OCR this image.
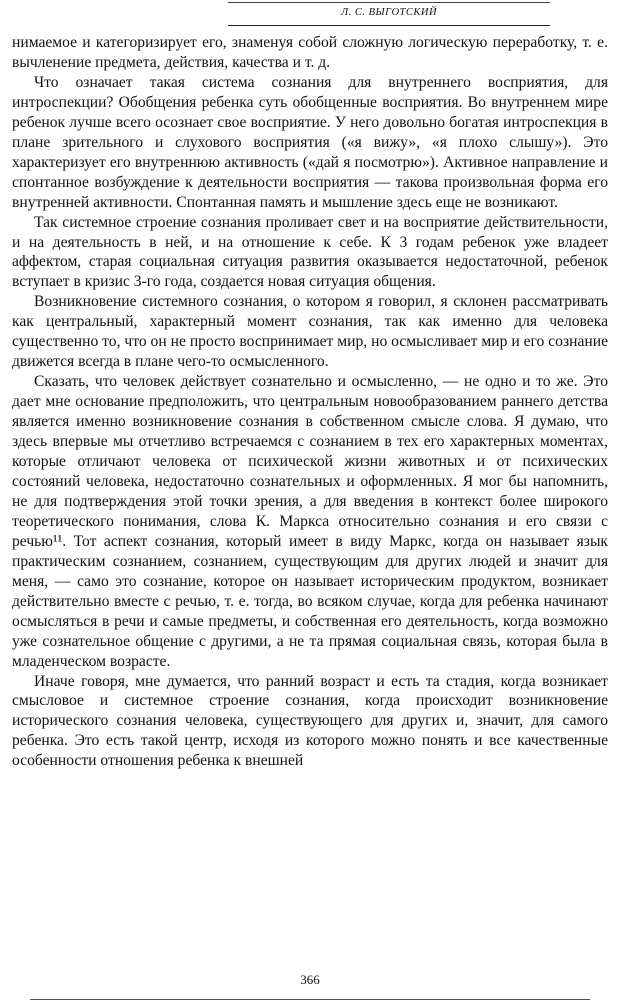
Л. С. ВЫГОТСКИЙ

нимаемое и категоризирует его, знаменуя собой сложную логическую переработку, т. е. вычленение предмета, действия, качества и т. д.

Что означает такая система сознания для внутреннего восприятия, для интроспекции? Обобщения ребенка суть обобщенные восприятия. Во внутреннем мире ребенок лучше всего осознает свое восприятие. У него довольно богатая интроспекция в плане зрительного и слухового восприятия («я вижу», «я плохо слышу»). Это характеризует его внутреннюю активность («дай я посмотрю»). Активное направление и спонтанное возбуждение к деятельности восприятия — такова произвольная форма его внутренней активности. Спонтанная память и мышление здесь еще не возникают.

Так системное строение сознания проливает свет и на восприятие действительности, и на деятельность в ней, и на отношение к себе. К 3 годам ребенок уже владеет аффектом, старая социальная ситуация развития оказывается недостаточной, ребенок вступает в кризис 3-го года, создается новая ситуация общения.

Возникновение системного сознания, о котором я говорил, я склонен рассматривать как центральный, характерный момент сознания, так как именно для человека существенно то, что он не просто воспринимает мир, но осмысливает мир и его сознание движется всегда в плане чего-то осмысленного.

Сказать, что человек действует сознательно и осмысленно, — не одно и то же. Это дает мне основание предположить, что центральным новообразованием раннего детства является именно возникновение сознания в собственном смысле слова. Я думаю, что здесь впервые мы отчетливо встречаемся с сознанием в тех его характерных моментах, которые отличают человека от психической жизни животных и от психических состояний человека, недостаточно сознательных и оформленных. Я мог бы напомнить, не для подтверждения этой точки зрения, а для введения в контекст более широкого теоретического понимания, слова К. Маркса относительно сознания и его связи с речью¹¹. Тот аспект сознания, который имеет в виду Маркс, когда он называет язык практическим сознанием, сознанием, существующим для других людей и значит для меня, — само это сознание, которое он называет историческим продуктом, возникает действительно вместе с речью, т. е. тогда, во всяком случае, когда для ребенка начинают осмысляться в речи и самые предметы, и собственная его деятельность, когда возможно уже сознательное общение с другими, а не та прямая социальная связь, которая была в младенческом возрасте.

Иначе говоря, мне думается, что ранний возраст и есть та стадия, когда возникает смысловое и системное строение сознания, когда происходит возникновение исторического сознания человека, существующего для других и, значит, для самого ребенка. Это есть такой центр, исходя из которого можно понять и все качественные особенности отношения ребенка к внешней

366
